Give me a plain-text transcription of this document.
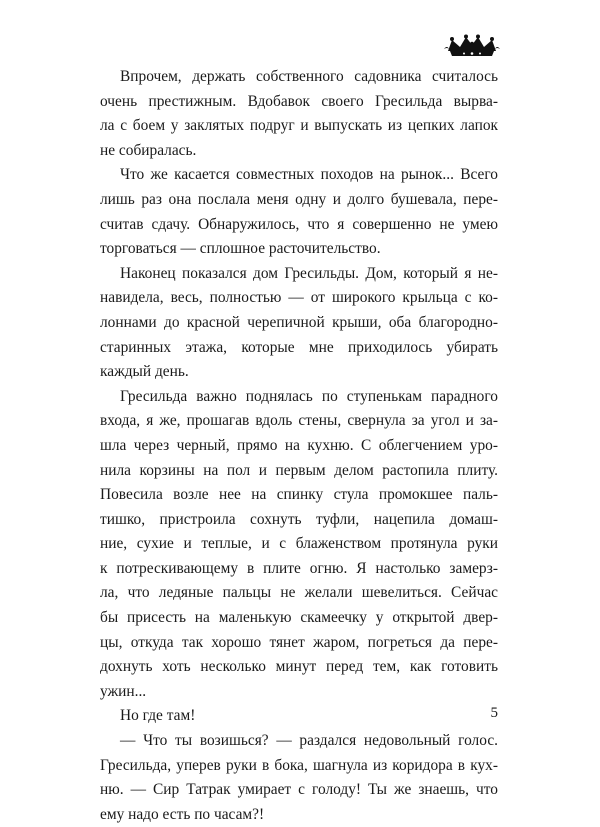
Впрочем, держать собственного садовника считалось
очень престижным. Вдобавок своего Гресильда вырва-
ла с боем у заклятых подруг и выпускать из цепких лапок
не собиралась.
Что же касается совместных походов на рынок... Всего
лишь раз она послала меня одну и долго бушевала, пере-
считав сдачу. Обнаружилось, что я совершенно не умею
торговаться — сплошное расточительство.
Наконец показался дом Гресильды. Дом, который я не-
навидела, весь, полностью — от широкого крыльца с ко-
лоннами до красной черепичной крыши, оба благородно-
старинных этажа, которые мне приходилось убирать
каждый день.
Гресильда важно поднялась по ступенькам парадного
входа, я же, прошагав вдоль стены, свернула за угол и за-
шла через черный, прямо на кухню. С облегчением уро-
нила корзины на пол и первым делом растопила плиту.
Повесила возле нее на спинку стула промокшее паль-
тишко, пристроила сохнуть туфли, нацепила домаш-
ние, сухие и теплые, и с блаженством протянула руки
к потрескивающему в плите огню. Я настолько замерз-
ла, что ледяные пальцы не желали шевелиться. Сейчас
бы присесть на маленькую скамеечку у открытой двер-
цы, откуда так хорошо тянет жаром, погреться да пере-
дохнуть хоть несколько минут перед тем, как готовить
ужин...
Но где там!
— Что ты возишься? — раздался недовольный голос.
Гресильда, уперев руки в бока, шагнула из коридора в кух-
ню. — Сир Татрак умирает с голоду! Ты же знаешь, что
ему надо есть по часам?!
5
